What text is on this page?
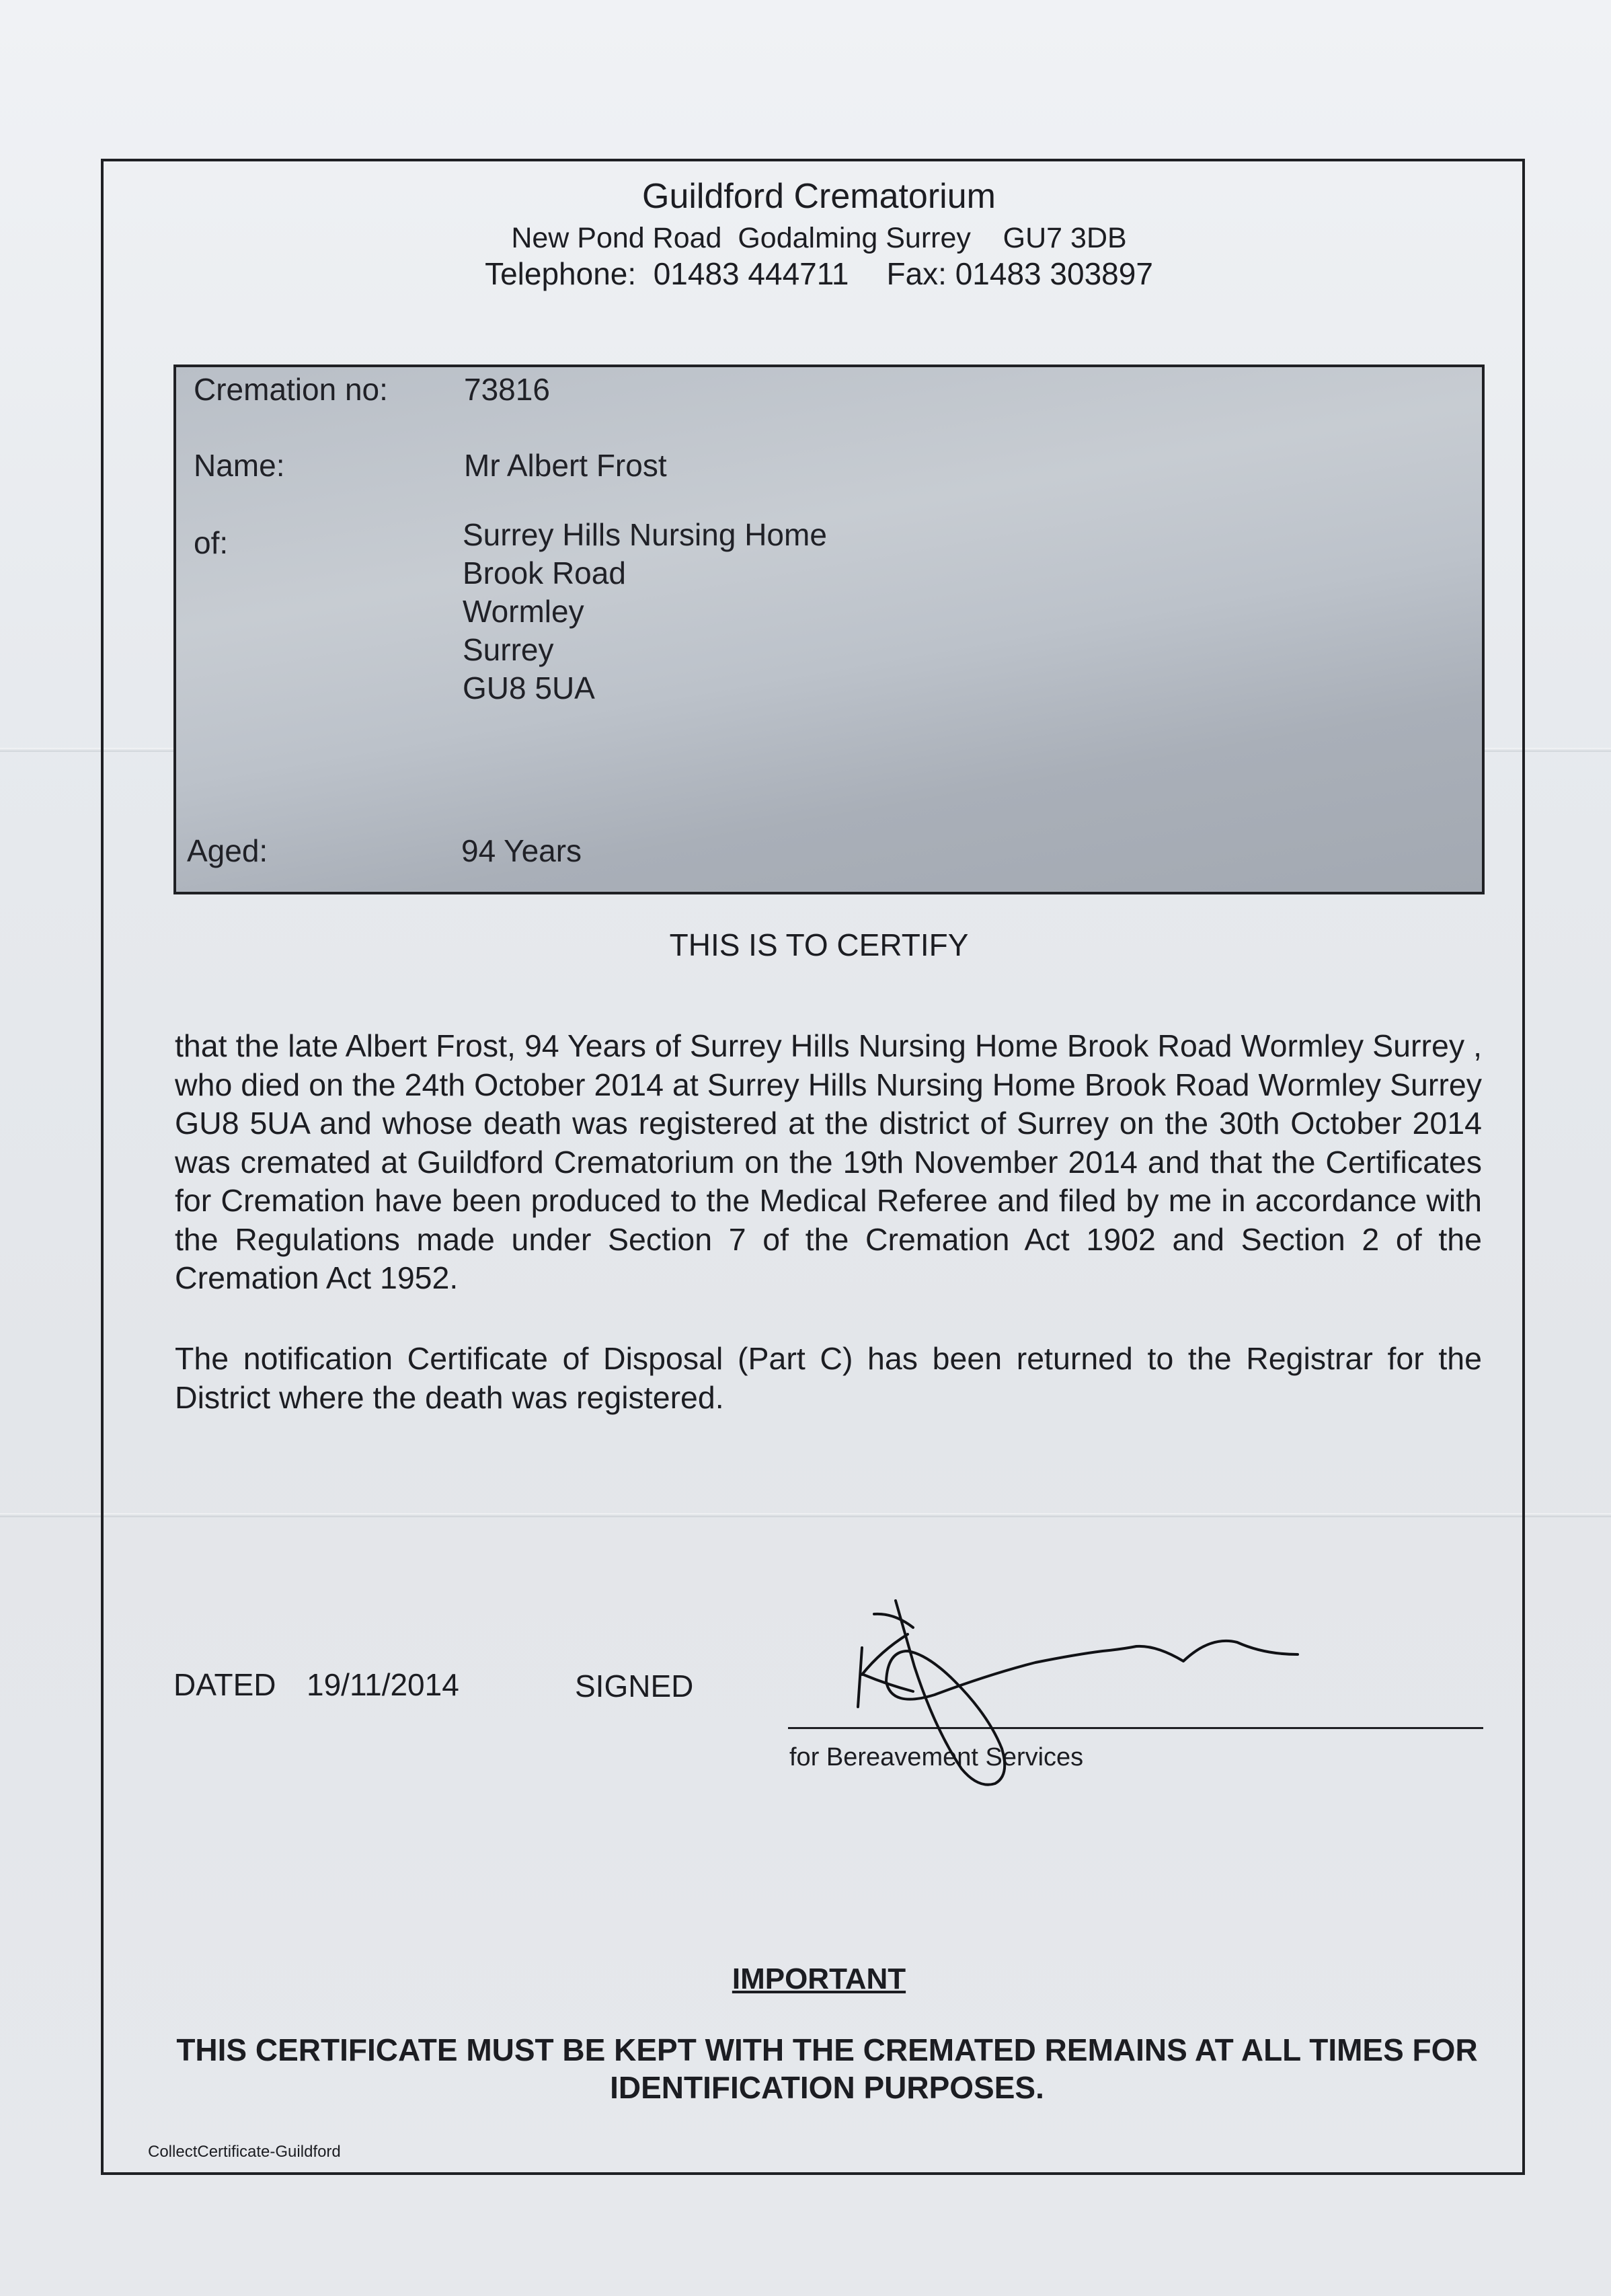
Guildford Crematorium
New Pond Road  Godalming Surrey    GU7 3DB
Telephone:  01483 444711 Fax: 01483 303897
Cremation no: 73816
Name:	Mr Albert Frost
of:	Surrey Hills Nursing Home
Brook Road
Wormley
Surrey
GU8 5UA
Aged:	94 Years
THIS IS TO CERTIFY
that the late Albert Frost, 94 Years of Surrey Hills Nursing Home Brook Road Wormley Surrey , who died on the 24th October 2014 at Surrey Hills Nursing Home Brook Road Wormley Surrey GU8 5UA and whose death was registered at the district of Surrey on the 30th October 2014 was cremated at Guildford Crematorium on the 19th November 2014 and that the Certificates for Cremation have been produced to the Medical Referee and filed by me in accordance with the Regulations made under Section 7 of the Cremation Act 1902 and Section 2 of the Cremation Act 1952.
The notification Certificate of Disposal (Part C) has been returned to the Registrar for the District where the death was registered.
DATED 19/11/2014	SIGNED
for Bereavement Services
IMPORTANT
THIS CERTIFICATE MUST BE KEPT WITH THE CREMATED REMAINS AT ALL TIMES FOR IDENTIFICATION PURPOSES.
CollectCertificate-Guildford
